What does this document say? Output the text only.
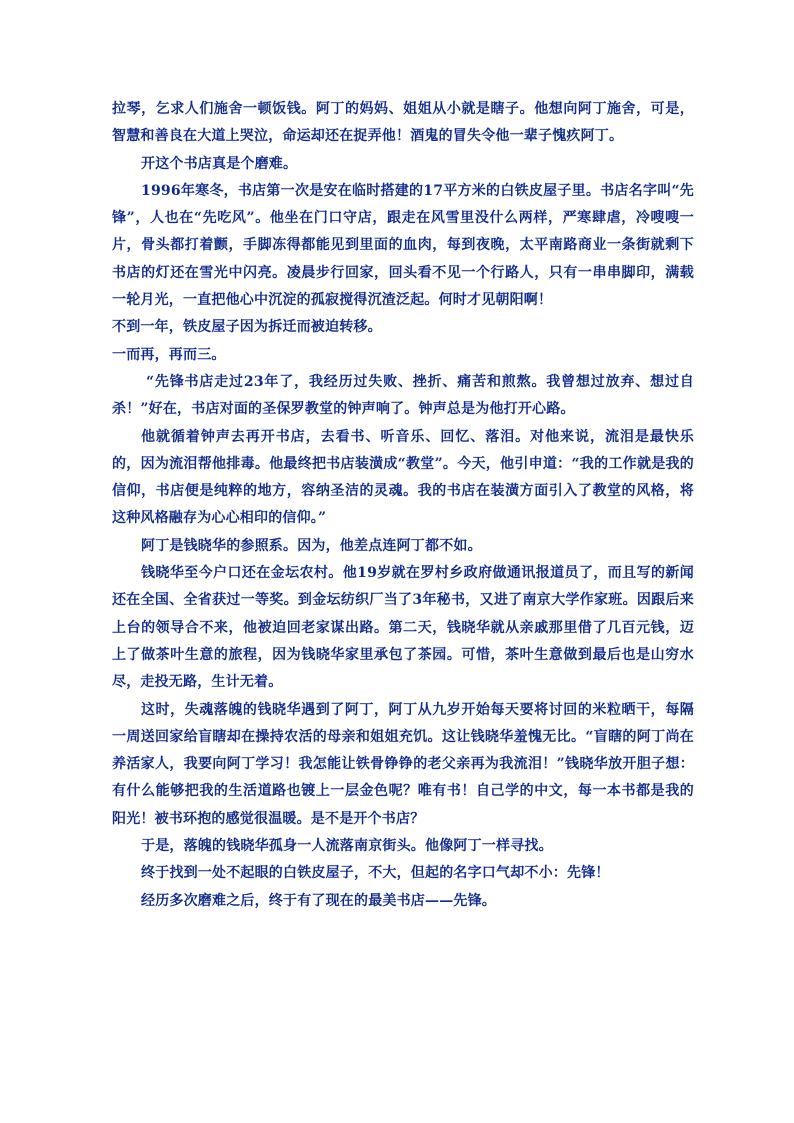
拉琴，乞求人们施舍一顿饭钱。阿丁的妈妈、姐姐从小就是瞎子。他想向阿丁施舍，可是，智慧和善良在大道上哭泣，命运却还在捉弄他！酒鬼的冒失令他一辈子愧疚阿丁。

开这个书店真是个磨难。

1996年寒冬，书店第一次是安在临时搭建的17平方米的白铁皮屋子里。书店名字叫“先锋”，人也在“先吃风”。他坐在门口守店，跟走在风雪里没什么两样，严寒肆虐，冷嗖嗖一片，骨头都打着颤，手脚冻得都能见到里面的血肉，每到夜晚，太平南路商业一条街就剩下书店的灯还在雪光中闪亮。凌晨步行回家，回头看不见一个行路人，只有一串串脚印，满载一轮月光，一直把他心中沉淀的孤寂搅得沉渣泛起。何时才见朝阳啊！

不到一年，铁皮屋子因为拆迁而被迫转移。

一而再，再而三。

“先锋书店走过23年了，我经历过失败、挫折、痛苦和煎熬。我曾想过放弃、想过自杀！”好在，书店对面的圣保罗教堂的钟声响了。钟声总是为他打开心路。

他就循着钟声去再开书店，去看书、听音乐、回忆、落泪。对他来说，流泪是最快乐的，因为流泪帮他排毒。他最终把书店装潢成“教堂”。今天，他引申道：“我的工作就是我的信仰，书店便是纯粹的地方，容纳圣洁的灵魂。我的书店在装潢方面引入了教堂的风格，将这种风格融存为心心相印的信仰。”

阿丁是钱晓华的参照系。因为，他差点连阿丁都不如。

钱晓华至今户口还在金坛农村。他19岁就在罗村乡政府做通讯报道员了，而且写的新闻还在全国、全省获过一等奖。到金坛纺织厂当了3年秘书，又进了南京大学作家班。因跟后来上台的领导合不来，他被迫回老家谋出路。第二天，钱晓华就从亲戚那里借了几百元钱，迈上了做茶叶生意的旅程，因为钱晓华家里承包了茶园。可惜，茶叶生意做到最后也是山穷水尽，走投无路，生计无着。

这时，失魂落魄的钱晓华遇到了阿丁，阿丁从九岁开始每天要将讨回的米粒晒干，每隔一周送回家给盲瞎却在操持农活的母亲和姐姐充饥。这让钱晓华羞愧无比。“盲瞎的阿丁尚在养活家人，我要向阿丁学习！我怎能让铁骨铮铮的老父亲再为我流泪！”钱晓华放开胆子想：有什么能够把我的生活道路也镀上一层金色呢？唯有书！自己学的中文，每一本书都是我的阳光！被书环抱的感觉很温暖。是不是开个书店？

于是，落魄的钱晓华孤身一人流落南京街头。他像阿丁一样寻找。

终于找到一处不起眼的白铁皮屋子，不大，但起的名字口气却不小：先锋！

经历多次磨难之后，终于有了现在的最美书店——先锋。
